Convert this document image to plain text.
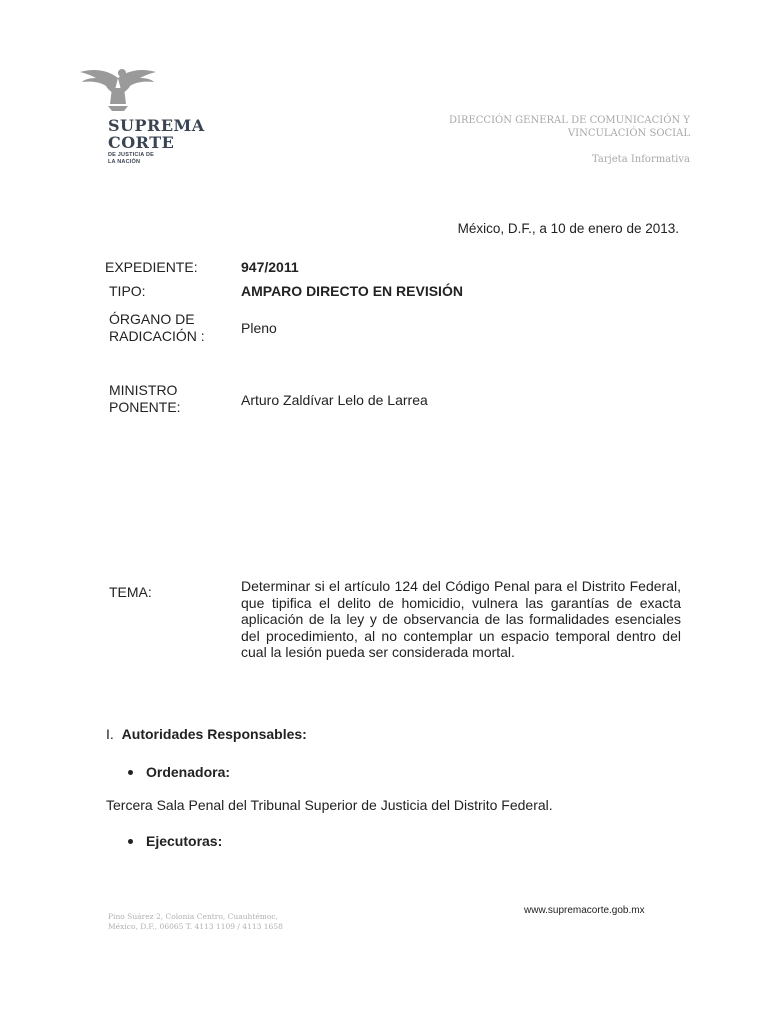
SUPREMA
CORTE
DE JUSTICIA DE
LA NACIÓN
DIRECCIÓN GENERAL DE COMUNICACIÓN Y
VINCULACIÓN SOCIAL
Tarjeta Informativa
México, D.F., a 10 de enero de 2013.
EXPEDIENTE:	947/2011
TIPO:	AMPARO DIRECTO EN REVISIÓN
ÓRGANO DE
RADICACIÓN :	Pleno
MINISTRO
PONENTE:	Arturo Zaldívar Lelo de Larrea
TEMA:	Determinar si el artículo 124 del Código Penal para el Distrito Federal, que tipifica el delito de homicidio, vulnera las garantías de exacta aplicación de la ley y de observancia de las formalidades esenciales del procedimiento, al no contemplar un espacio temporal dentro del cual la lesión pueda ser considerada mortal.
I. Autoridades Responsables:
Ordenadora:
Tercera Sala Penal del Tribunal Superior de Justicia del Distrito Federal.
Ejecutoras:
Pino Suárez 2, Colonia Centro, Cuauhtémoc,
México, D.F., 06065 T. 4113 1109 / 4113 1658
www.supremacorte.gob.mx
